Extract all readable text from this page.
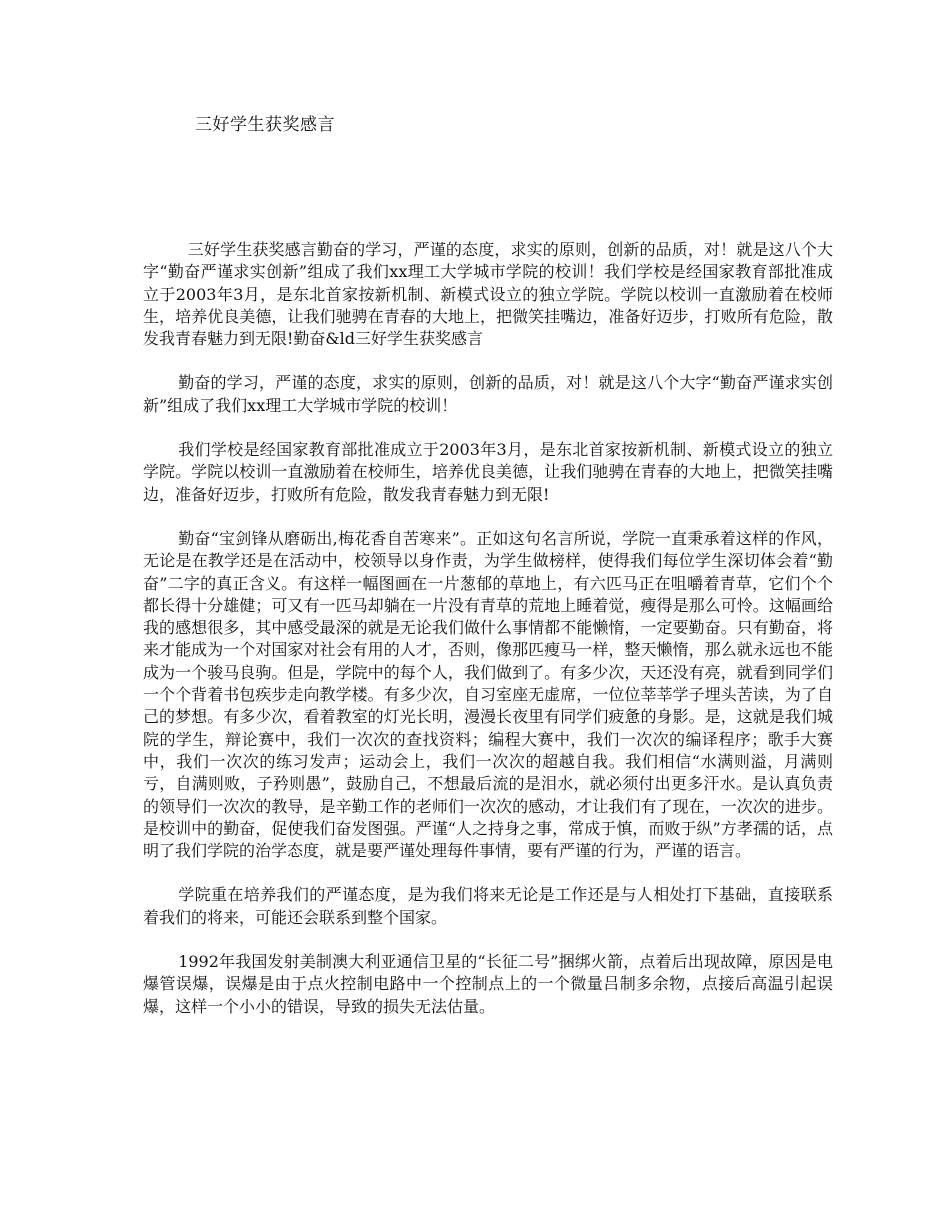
三好学生获奖感言

三好学生获奖感言勤奋的学习，严谨的态度，求实的原则，创新的品质，对！就是这八个大字“勤奋严谨求实创新”组成了我们xx理工大学城市学院的校训！我们学校是经国家教育部批准成立于2003年3月，是东北首家按新机制、新模式设立的独立学院。学院以校训一直激励着在校师生，培养优良美德，让我们驰骋在青春的大地上，把微笑挂嘴边，准备好迈步，打败所有危险，散发我青春魅力到无限!勤奋&ld三好学生获奖感言

勤奋的学习，严谨的态度，求实的原则，创新的品质，对！就是这八个大字“勤奋严谨求实创新”组成了我们xx理工大学城市学院的校训！

我们学校是经国家教育部批准成立于2003年3月，是东北首家按新机制、新模式设立的独立学院。学院以校训一直激励着在校师生，培养优良美德，让我们驰骋在青春的大地上，把微笑挂嘴边，准备好迈步，打败所有危险，散发我青春魅力到无限!

勤奋“宝剑锋从磨砺出,梅花香自苦寒来”。正如这句名言所说，学院一直秉承着这样的作风，无论是在教学还是在活动中，校领导以身作责，为学生做榜样，使得我们每位学生深切体会着“勤奋”二字的真正含义。有这样一幅图画在一片葱郁的草地上，有六匹马正在咀嚼着青草，它们个个都长得十分雄健；可又有一匹马却躺在一片没有青草的荒地上睡着觉，瘦得是那么可怜。这幅画给我的感想很多，其中感受最深的就是无论我们做什么事情都不能懒惰，一定要勤奋。只有勤奋，将来才能成为一个对国家对社会有用的人才，否则，像那匹瘦马一样，整天懒惰，那么就永远也不能成为一个骏马良驹。但是，学院中的每个人，我们做到了。有多少次，天还没有亮，就看到同学们一个个背着书包疾步走向教学楼。有多少次，自习室座无虚席，一位位莘莘学子埋头苦读，为了自己的梦想。有多少次，看着教室的灯光长明，漫漫长夜里有同学们疲惫的身影。是，这就是我们城院的学生，辩论赛中，我们一次次的查找资料；编程大赛中，我们一次次的编译程序；歌手大赛中，我们一次次的练习发声；运动会上，我们一次次的超越自我。我们相信“水满则溢，月满则亏，自满则败，子矜则愚”，鼓励自己，不想最后流的是泪水，就必须付出更多汗水。是认真负责的领导们一次次的教导，是辛勤工作的老师们一次次的感动，才让我们有了现在，一次次的进步。是校训中的勤奋，促使我们奋发图强。严谨“人之持身之事，常成于慎，而败于纵”方孝孺的话，点明了我们学院的治学态度，就是要严谨处理每件事情，要有严谨的行为，严谨的语言。

学院重在培养我们的严谨态度，是为我们将来无论是工作还是与人相处打下基础，直接联系着我们的将来，可能还会联系到整个国家。

1992年我国发射美制澳大利亚通信卫星的“长征二号”捆绑火箭，点着后出现故障，原因是电爆管误爆，误爆是由于点火控制电路中一个控制点上的一个微量吕制多余物，点接后高温引起误爆，这样一个小小的错误，导致的损失无法估量。
